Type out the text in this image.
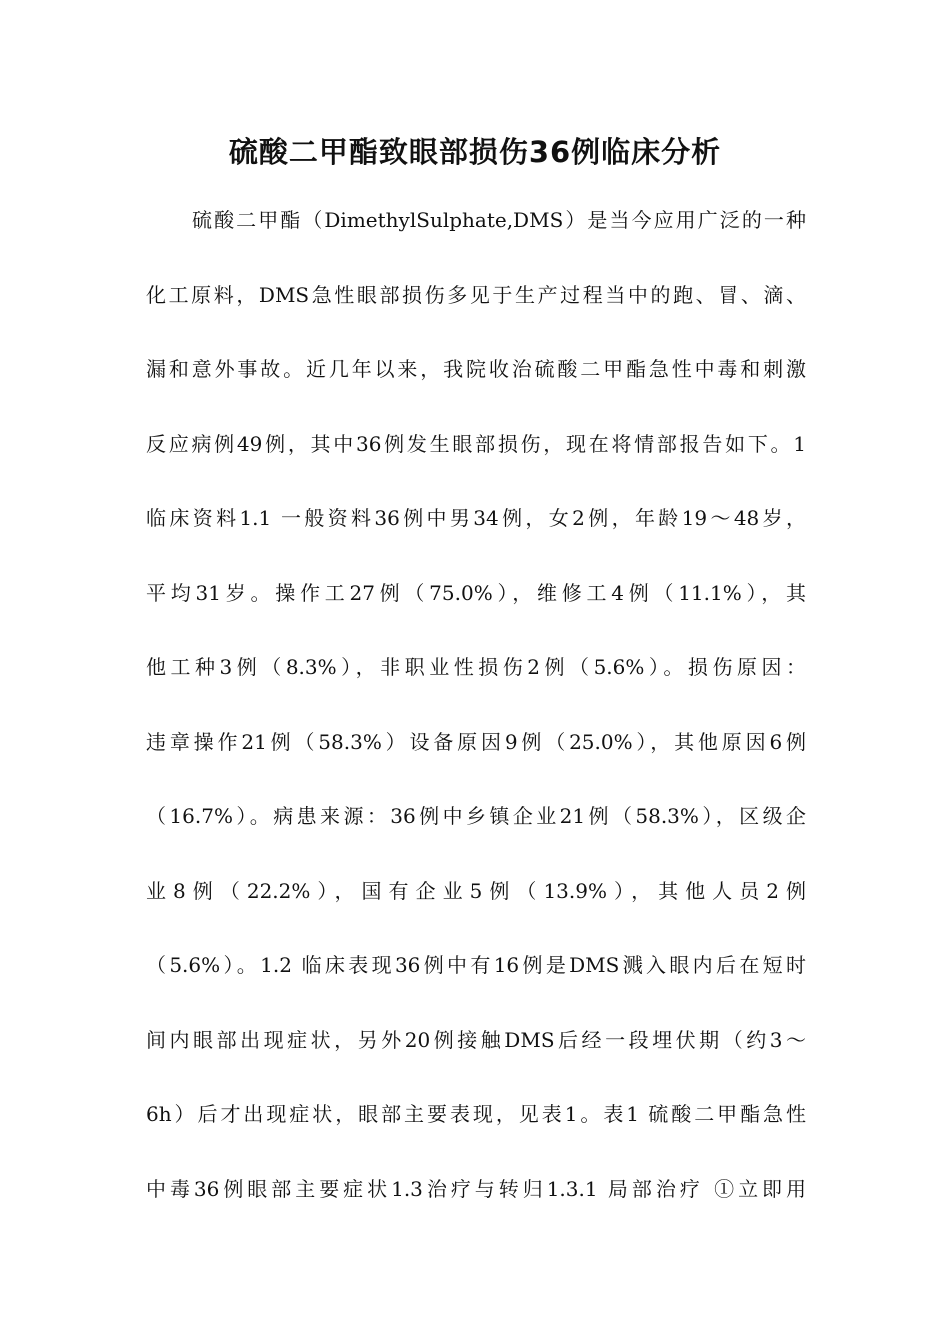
硫酸二甲酯致眼部损伤36例临床分析

硫酸二甲酯（DimethylSulphate,DMS）是当今应用广泛的一种

化工原料，DMS急性眼部损伤多见于生产过程当中的跑、冒、滴、

漏和意外事故。近几年以来，我院收治硫酸二甲酯急性中毒和刺激

反应病例49例，其中36例发生眼部损伤，现在将情部报告如下。1

临床资料1.1 一般资料36例中男34例，女2例，年龄19～48岁，

平均31岁。操作工27例（75.0%），维修工4例（11.1%），其

他工种3例（8.3%），非职业性损伤2例（5.6%）。损伤原因：

违章操作21例（58.3%）设备原因9例（25.0%），其他原因6例

（16.7%）。病患来源：36例中乡镇企业21例（58.3%），区级企

业8例（22.2%），国有企业5例（13.9%），其他人员2例

（5.6%）。1.2 临床表现36例中有16例是DMS溅入眼内后在短时

间内眼部出现症状，另外20例接触DMS后经一段埋伏期（约3～

6h）后才出现症状，眼部主要表现，见表1。表1 硫酸二甲酯急性

中毒36例眼部主要症状1.3治疗与转归1.3.1 局部治疗 ①立即用
